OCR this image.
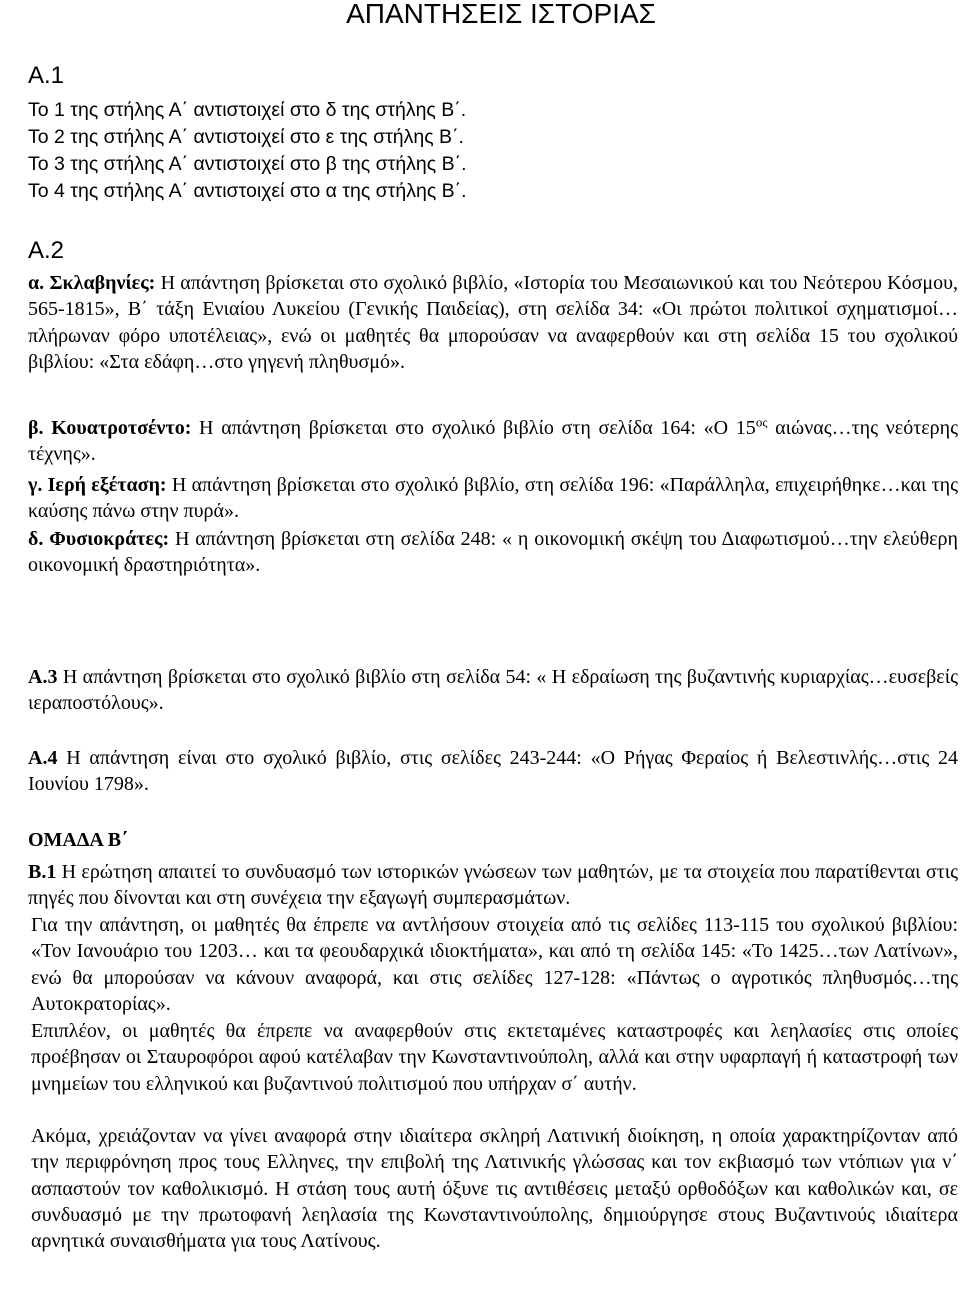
ΑΠΑΝΤΗΣΕΙΣ ΙΣΤΟΡΙΑΣ
Α.1
Το 1 της στήλης Α΄ αντιστοιχεί στο δ της στήλης Β΄.
Το 2 της στήλης Α΄ αντιστοιχεί στο ε της στήλης Β΄.
Το 3 της στήλης Α΄ αντιστοιχεί στο β της στήλης Β΄.
Το 4 της στήλης Α΄ αντιστοιχεί στο α της στήλης Β΄.
Α.2

α. Σκλαβηνίες: Η απάντηση βρίσκεται στο σχολικό βιβλίο, «Ιστορία του Μεσαιωνικού και του Νεότερου Κόσμου, 565-1815», Β΄ τάξη Ενιαίου Λυκείου (Γενικής Παιδείας), στη σελίδα 34: «Οι πρώτοι πολιτικοί σχηματισμοί…πλήρωναν φόρο υποτέλειας», ενώ οι μαθητές θα μπορούσαν να αναφερθούν και στη σελίδα 15 του σχολικού βιβλίου: «Στα εδάφη…στο γηγενή πληθυσμό».

β. Κουατροτσέντο: Η απάντηση βρίσκεται στο σχολικό βιβλίο στη σελίδα 164: «Ο $15^{o\varsigma}$ αιώνας…της νεότερης τέχνης».

γ. Ιερή εξέταση: Η απάντηση βρίσκεται στο σχολικό βιβλίο, στη σελίδα 196: «Παράλληλα, επιχειρήθηκε…και της καύσης πάνω στην πυρά».

δ. Φυσιοκράτες: Η απάντηση βρίσκεται στη σελίδα 248: « η οικονομική σκέψη του Διαφωτισμού…την ελεύθερη οικονομική δραστηριότητα».

Α.3 Η απάντηση βρίσκεται στο σχολικό βιβλίο στη σελίδα 54: « Η εδραίωση της βυζαντινής κυριαρχίας…ευσεβείς ιεραποστόλους».

Α.4 Η απάντηση είναι στο σχολικό βιβλίο, στις σελίδες 243-244: «Ο Ρήγας Φεραίος ή Βελεστινλής…στις 24 Ιουνίου 1798».

ΟΜΑΔΑ Β΄

Β.1 Η ερώτηση απαιτεί το συνδυασμό των ιστορικών γνώσεων των μαθητών, με τα στοιχεία που παρατίθενται στις πηγές που δίνονται και στη συνέχεια την εξαγωγή συμπερασμάτων.

Για την απάντηση, οι μαθητές θα έπρεπε να αντλήσουν στοιχεία από τις σελίδες 113-115 του σχολικού βιβλίου: «Τον Ιανουάριο του 1203… και τα φεουδαρχικά ιδιοκτήματα», και από τη σελίδα 145: «Το 1425…των Λατίνων», ενώ θα μπορούσαν να κάνουν αναφορά, και στις σελίδες 127-128: «Πάντως ο αγροτικός πληθυσμός…της Αυτοκρατορίας».

Επιπλέον, οι μαθητές θα έπρεπε να αναφερθούν στις εκτεταμένες καταστροφές και λεηλασίες στις οποίες προέβησαν οι Σταυροφόροι αφού κατέλαβαν την Κωνσταντινούπολη, αλλά και στην υφαρπαγή ή καταστροφή των μνημείων του ελληνικού και βυζαντινού πολιτισμού που υπήρχαν σ΄ αυτήν.

Ακόμα, χρειάζονταν να γίνει αναφορά στην ιδιαίτερα σκληρή Λατινική διοίκηση, η οποία χαρακτηρίζονταν από την περιφρόνηση προς τους Ελληνες, την επιβολή της Λατινικής γλώσσας και τον εκβιασμό των ντόπιων για ν΄ ασπαστούν τον καθολικισμό. Η στάση τους αυτή όξυνε τις αντιθέσεις μεταξύ ορθοδόξων και καθολικών και, σε συνδυασμό με την πρωτοφανή λεηλασία της Κωνσταντινούπολης, δημιούργησε στους Βυζαντινούς ιδιαίτερα αρνητικά συναισθήματα για τους Λατίνους.
